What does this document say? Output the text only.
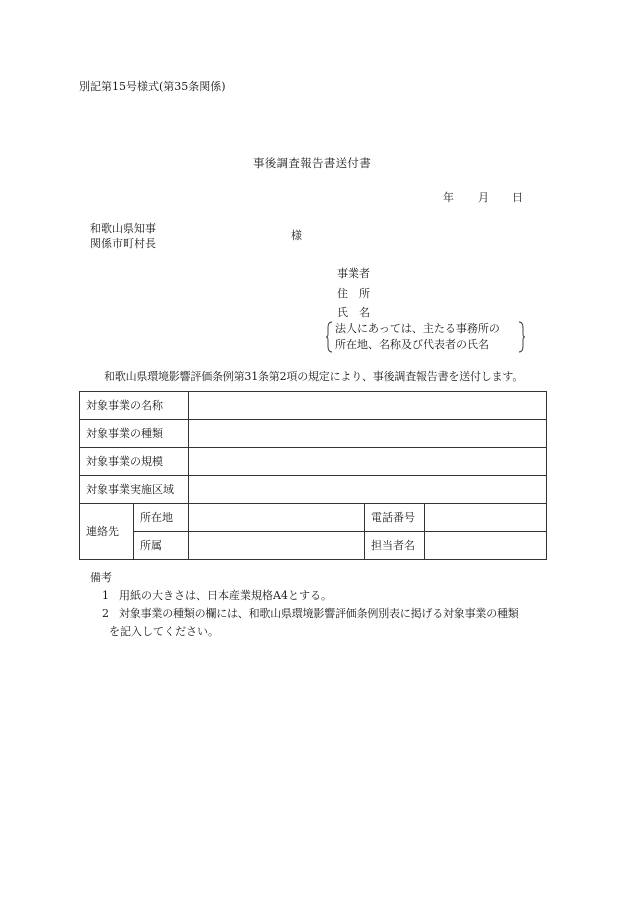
別記第15号様式(第35条関係)
事後調査報告書送付書
年 月 日
和歌山県知事
関係市町村長
様
事業者
住　所
氏　名
法人にあっては、主たる事務所の
所在地、名称及び代表者の氏名
和歌山県環境影響評価条例第31条第2項の規定により、事後調査報告書を送付します。
対象事業の名称				
対象事業の種類				
対象事業の規模				
対象事業実施区域				
連絡先	所在地		電話番号	
	所属		担当者名	
備考
1 用紙の大きさは、日本産業規格A4とする。
2 対象事業の種類の欄には、和歌山県環境影響評価条例別表に掲げる対象事業の種類
を記入してください。
